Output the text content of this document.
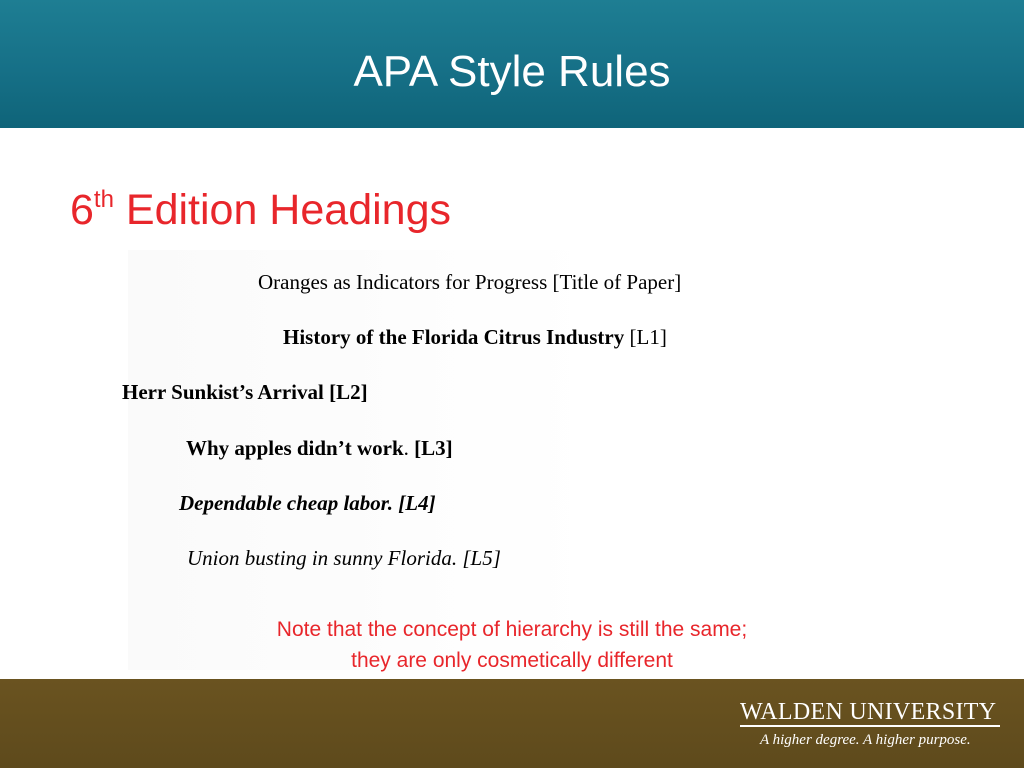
APA Style Rules
6th Edition Headings
Oranges as Indicators for Progress [Title of Paper]
History of the Florida Citrus Industry [L1]
Herr Sunkist’s Arrival [L2]
Why apples didn’t work. [L3]
Dependable cheap labor. [L4]
Union busting in sunny Florida. [L5]
Note that the concept of hierarchy is still the same;
they are only cosmetically different
WALDEN UNIVERSITY
A higher degree. A higher purpose.
